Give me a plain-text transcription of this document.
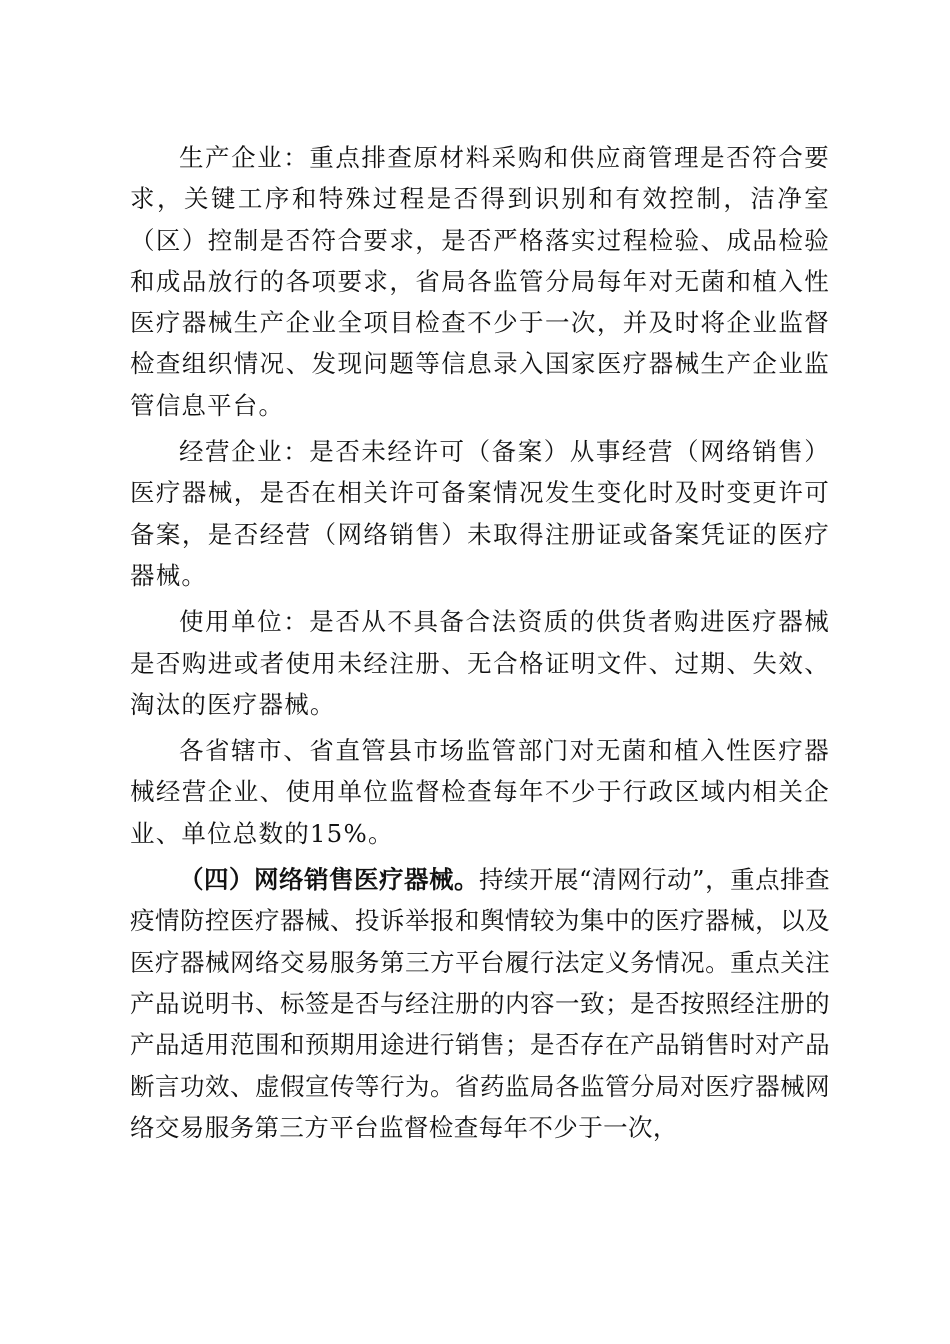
生产企业：重点排查原材料采购和供应商管理是否符合要求，关键工序和特殊过程是否得到识别和有效控制，洁净室（区）控制是否符合要求，是否严格落实过程检验、成品检验和成品放行的各项要求，省局各监管分局每年对无菌和植入性医疗器械生产企业全项目检查不少于一次，并及时将企业监督检查组织情况、发现问题等信息录入国家医疗器械生产企业监管信息平台。

经营企业：是否未经许可（备案）从事经营（网络销售）医疗器械，是否在相关许可备案情况发生变化时及时变更许可备案，是否经营（网络销售）未取得注册证或备案凭证的医疗器械。

使用单位：是否从不具备合法资质的供货者购进医疗器械是否购进或者使用未经注册、无合格证明文件、过期、失效、淘汰的医疗器械。

各省辖市、省直管县市场监管部门对无菌和植入性医疗器械经营企业、使用单位监督检查每年不少于行政区域内相关企业、单位总数的15%。

（四）网络销售医疗器械。持续开展“清网行动”，重点排查疫情防控医疗器械、投诉举报和舆情较为集中的医疗器械，以及医疗器械网络交易服务第三方平台履行法定义务情况。重点关注产品说明书、标签是否与经注册的内容一致；是否按照经注册的产品适用范围和预期用途进行销售；是否存在产品销售时对产品断言功效、虚假宣传等行为。省药监局各监管分局对医疗器械网络交易服务第三方平台监督检查每年不少于一次，
